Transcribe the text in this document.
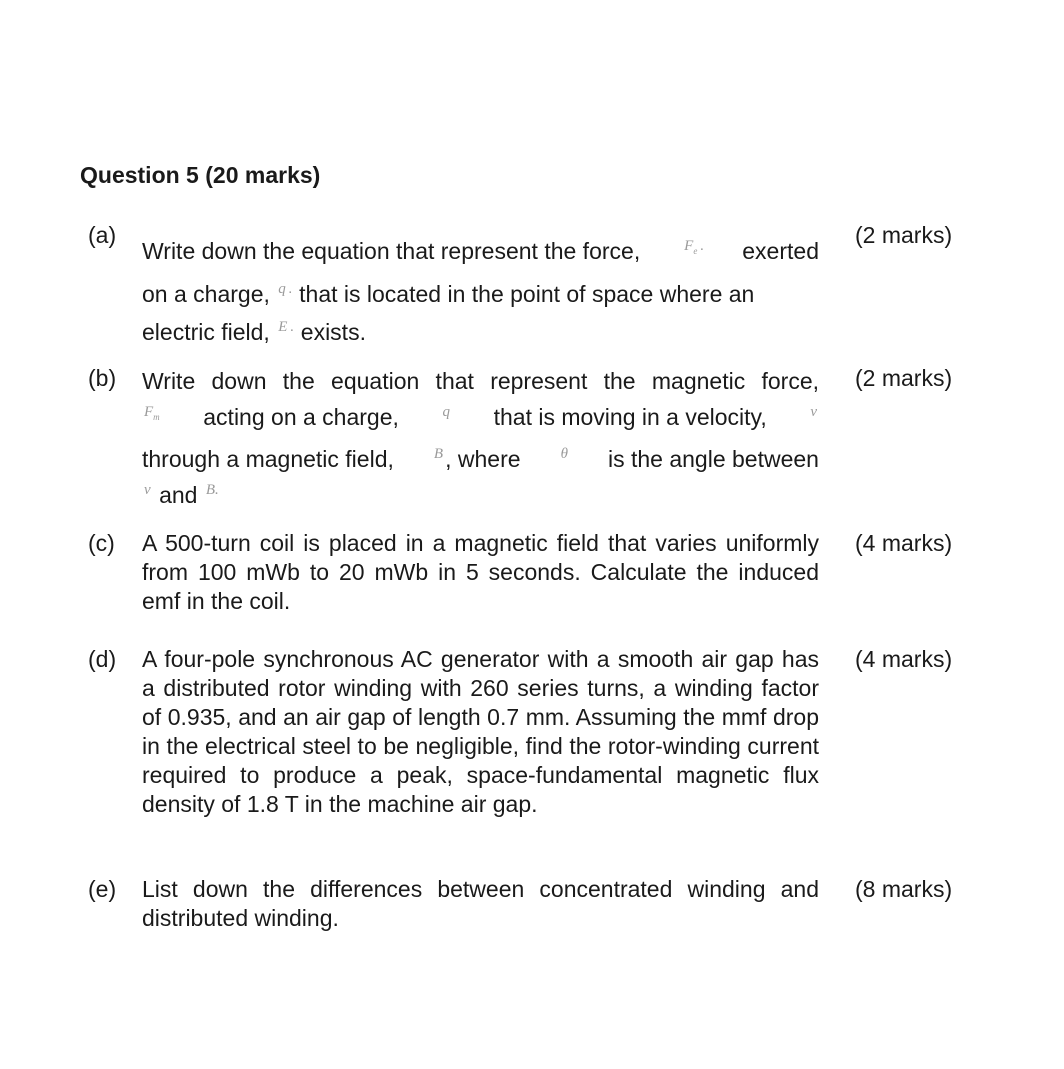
Question 5 (20 marks)
(a)	(2 marks)
Write down the equation that represent the force,	$^{F_e}$ · exerted
on a charge, $^q$ · that is located in the point of space where an
electric field, $^E$ · exists.
(b)	(2 marks)
Write down the equation that represent the magnetic force,
$F_m$ acting on a charge,	q that is moving in a velocity,	v
through a magnetic field,	$^B$, where	θ is the angle between
$^v$ and $^{B.}$
(c)	(4 marks)
A 500-turn coil is placed in a magnetic field that varies uniformly from 100 mWb to 20 mWb in 5 seconds. Calculate the induced emf in the coil.
(d)	(4 marks)
A four-pole synchronous AC generator with a smooth air gap has a distributed rotor winding with 260 series turns, a winding factor of 0.935, and an air gap of length 0.7 mm. Assuming the mmf drop in the electrical steel to be negligible, find the rotor-winding current required to produce a peak, space-fundamental magnetic flux density of 1.8 T in the machine air gap.
(e)	(8 marks)
List down the differences between concentrated winding and distributed winding.
